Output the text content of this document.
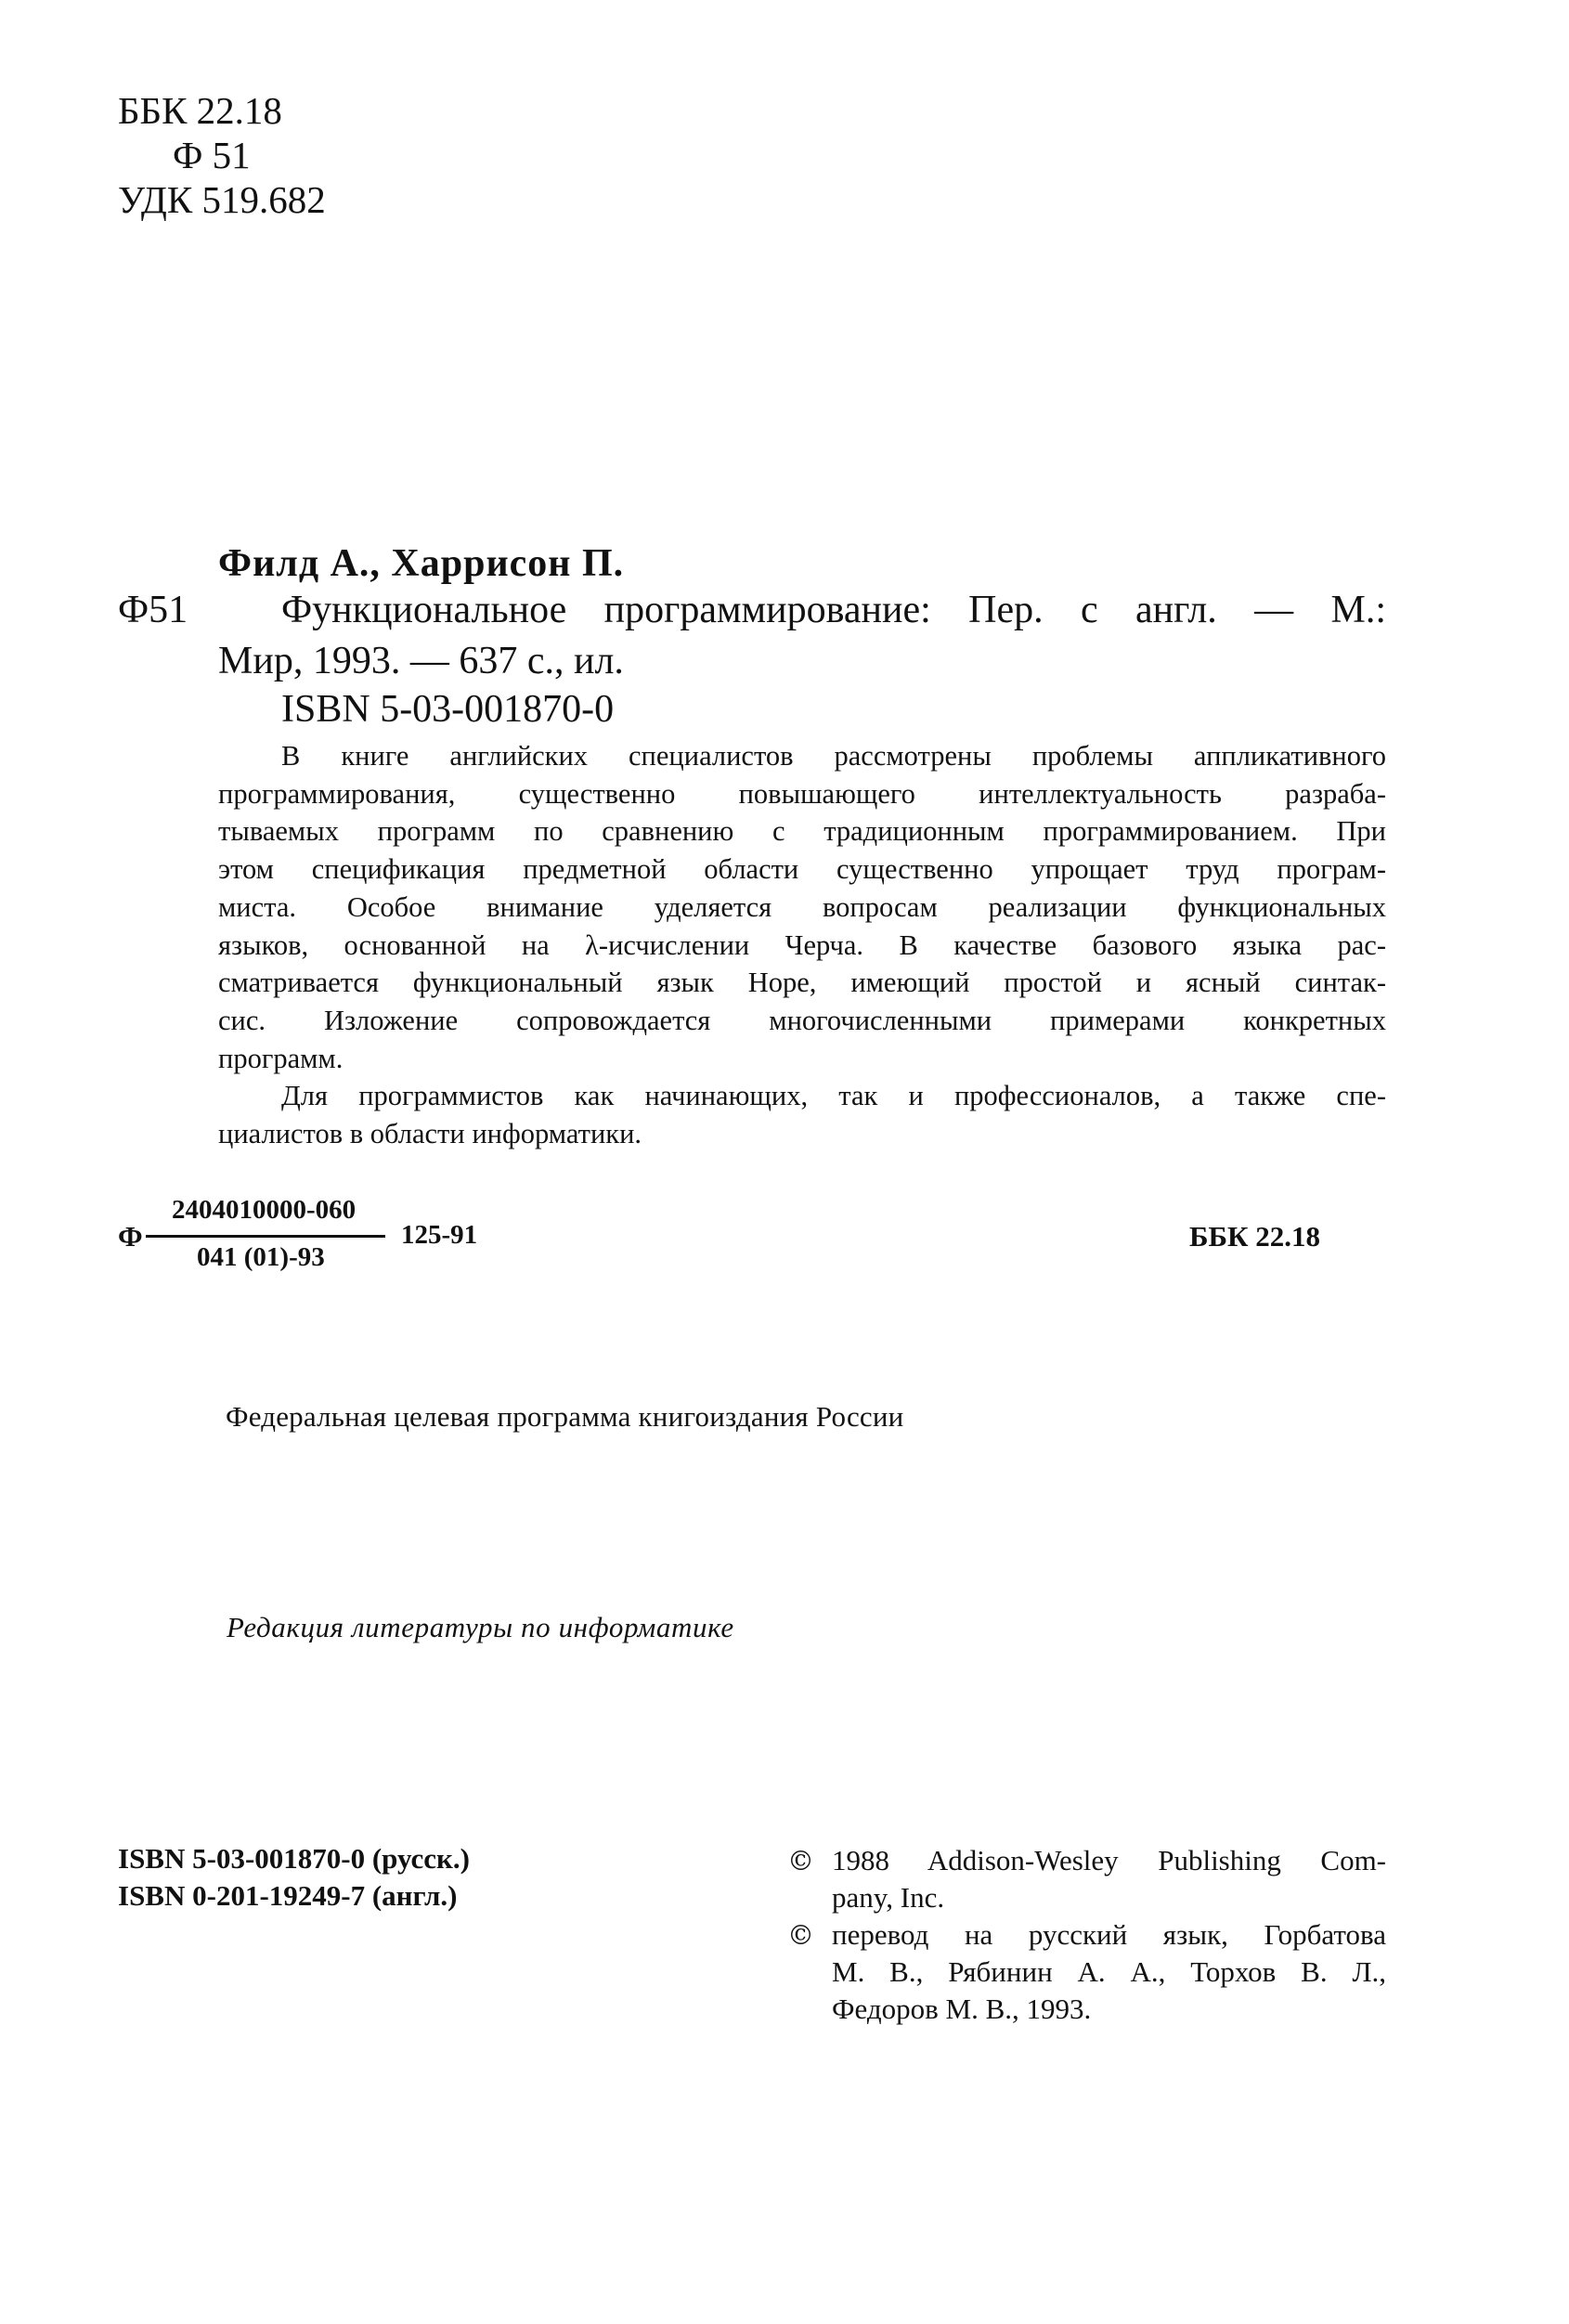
ББК 22.18
Ф 51
УДК 519.682
Филд А., Харрисон П.
Ф51 Функциональное программирование: Пер. с англ. — М.:
Мир, 1993. — 637 с., ил.
ISBN 5-03-001870-0
В книге английских специалистов рассмотрены проблемы аппликативного
программирования, существенно повышающего интеллектуальность разраба-
тываемых программ по сравнению с традиционным программированием. При
этом спецификация предметной области существенно упрощает труд програм-
миста. Особое внимание уделяется вопросам реализации функциональных
языков, основанной на λ-исчислении Черча. В качестве базового языка рас-
сматривается функциональный язык Норе, имеющий простой и ясный синтак-
сис. Изложение сопровождается многочисленными примерами конкретных
программ.
Для программистов как начинающих, так и профессионалов, а также спе-
циалистов в области информатики.
Ф
2404010000-060
041 (01)-93
125-91	ББК 22.18
Федеральная целевая программа книгоиздания России
Редакция литературы по информатике
ISBN 5-03-001870-0 (русск.)
ISBN 0-201-19249-7 (англ.)
© 1988 Addison-Wesley Publishing Com-
pany, Inc.
© перевод на русский язык, Горбатова
М. В., Рябинин А. А., Торхов В. Л.,
Федоров М. В., 1993.
